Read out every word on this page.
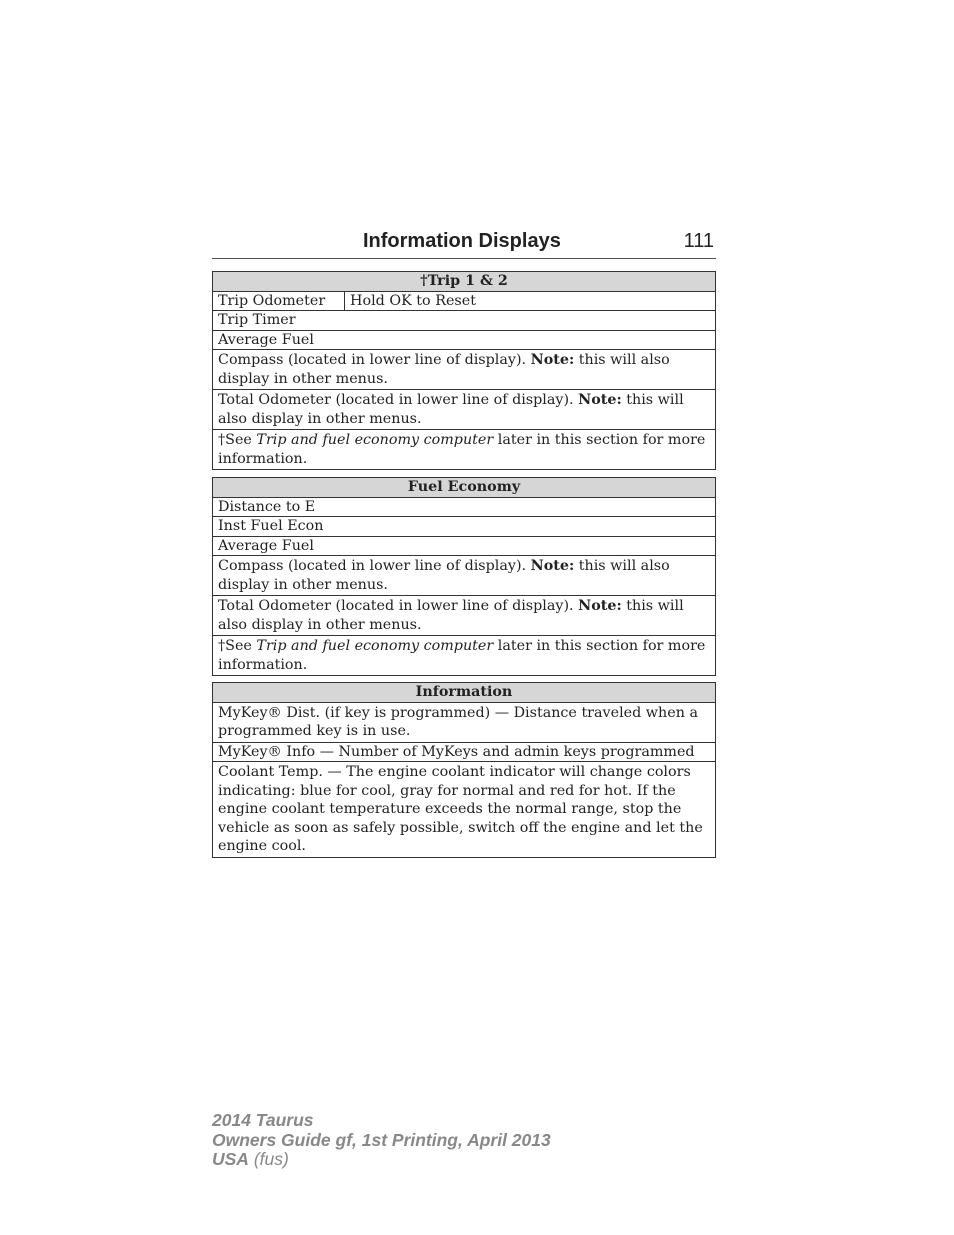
Information Displays	111
†Trip 1 & 2
Trip Odometer	Hold OK to Reset
Trip Timer
Average Fuel
Compass (located in lower line of display). Note: this will also display in other menus.
Total Odometer (located in lower line of display). Note: this will also display in other menus.
†See Trip and fuel economy computer later in this section for more information.
Fuel Economy
Distance to E
Inst Fuel Econ
Average Fuel
Compass (located in lower line of display). Note: this will also display in other menus.
Total Odometer (located in lower line of display). Note: this will also display in other menus.
†See Trip and fuel economy computer later in this section for more information.
Information
MyKey® Dist. (if key is programmed) — Distance traveled when a programmed key is in use.
MyKey® Info — Number of MyKeys and admin keys programmed
Coolant Temp. — The engine coolant indicator will change colors indicating: blue for cool, gray for normal and red for hot. If the engine coolant temperature exceeds the normal range, stop the vehicle as soon as safely possible, switch off the engine and let the engine cool.
2014 Taurus
Owners Guide gf, 1st Printing, April 2013
USA (fus)
